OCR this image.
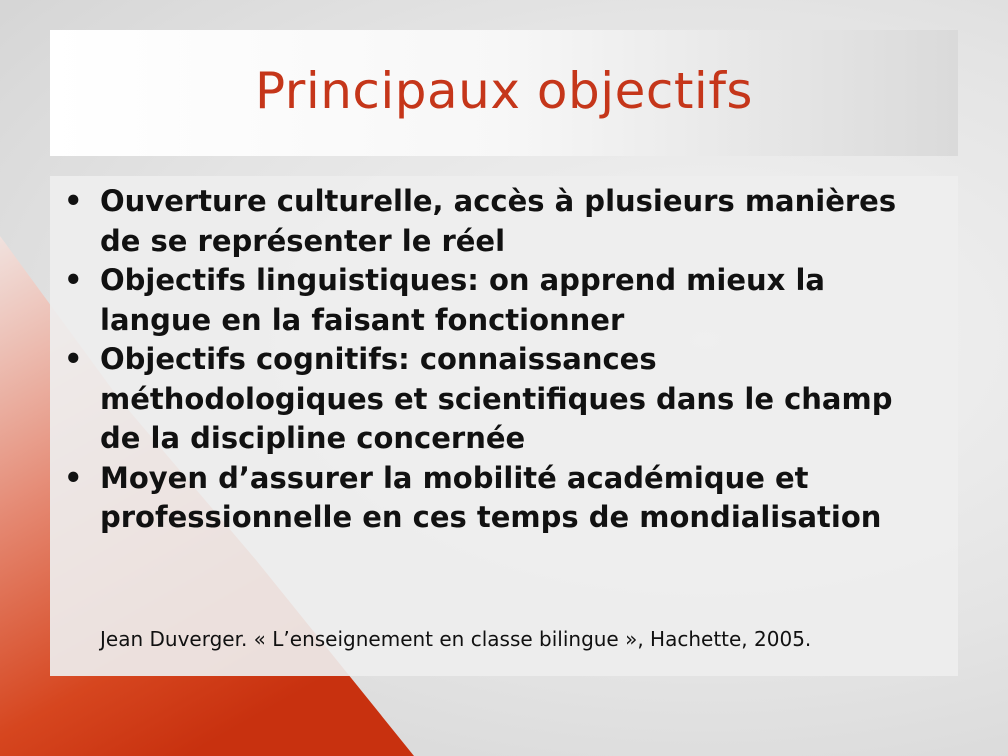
Principaux objectifs
• Ouverture culturelle, accès à plusieurs manières de se représenter le réel
• Objectifs linguistiques: on apprend mieux la langue en la faisant fonctionner
• Objectifs cognitifs: connaissances méthodologiques et scientifiques dans le champ de la discipline concernée
• Moyen d’assurer la mobilité académique et professionnelle en ces temps de mondialisation

Jean Duverger. « L’enseignement en classe bilingue », Hachette, 2005.
